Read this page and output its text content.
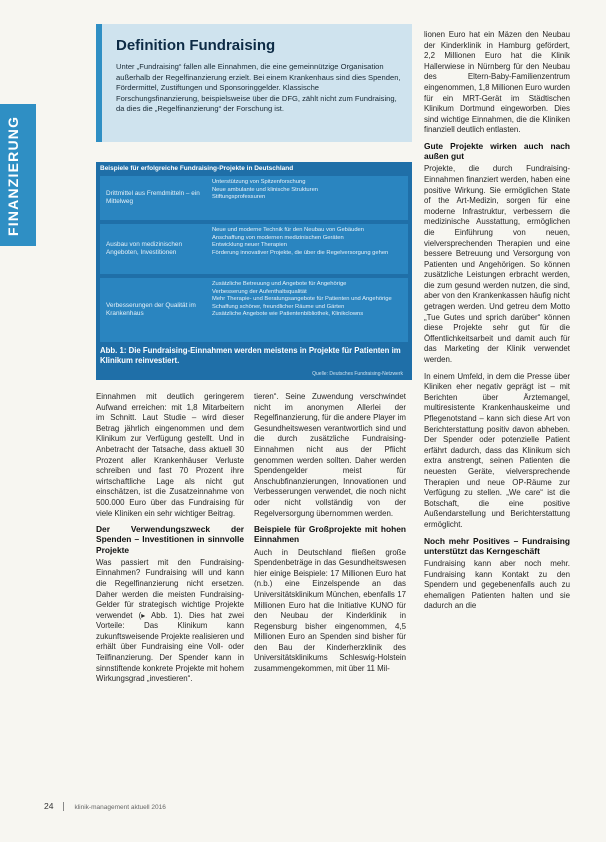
Definition Fundraising
Unter „Fundraising“ fallen alle Einnahmen, die eine gemeinnützige Organisation außerhalb der Regelfinanzierung erzielt. Bei einem Krankenhaus sind dies Spenden, Fördermittel, Zustiftungen und Sponsoringgelder. Klassische Forschungsfinanzierung, beispielsweise über die DFG, zählt nicht zum Fundraising, da dies die „Regelfinanzierung“ der Forschung ist.
Beispiele für erfolgreiche Fundraising-Projekte in Deutschland
Drittmittel aus Fremdmitteln – ein Mittelweg
Unterstützung von Spitzenforschung
Neue ambulante und klinische Strukturen
Stiftungsprofessuren
Ausbau von medizinischen Angeboten, Investitionen
Neue und moderne Technik für den Neubau von Gebäuden
Anschaffung von modernen medizinischen Geräten
Entwicklung neuer Therapien
Förderung innovativer Projekte, die über die Regelversorgung gehen
Verbesserungen der Qualität im Krankenhaus
Zusätzliche Betreuung und Angebote für Angehörige
Verbesserung der Aufenthaltsqualität
Mehr Therapie- und Beratungsangebote für Patienten und Angehörige
Schaffung schöner, freundlicher Räume und Gärten
Zusätzliche Angebote wie Patientenbibliothek, Klinikclowns
Abb. 1: Die Fundraising-Einnahmen werden meistens in Projekte für Patienten im Klinikum reinvestiert.
Quelle: Deutsches Fundraising-Netzwerk

Einnahmen mit deutlich geringerem Aufwand erreichen: mit 1,8 Mitarbeitern im Schnitt. Laut Studie – wird dieser Betrag jährlich eingenommen und dem Klinikum zur Verfügung gestellt. Und in Anbetracht der Tatsache, dass aktuell 30 Prozent aller Krankenhäuser Verluste schreiben und fast 70 Prozent ihre wirtschaftliche Lage als nicht gut einschätzen, ist die Zusatzeinnahme von 500.000 Euro über das Fundraising für viele Kliniken ein sehr wichtiger Beitrag.

Der Verwendungszweck der Spenden – Investitionen in sinnvolle Projekte

Was passiert mit den Fundraising-Einnahmen? Fundraising will und kann die Regelfinanzierung nicht ersetzen. Daher werden die meisten Fundraising-Gelder für strategisch wichtige Projekte verwendet (▸ Abb. 1). Dies hat zwei Vorteile: Das Klinikum kann zukunftsweisende Projekte realisieren und erhält über Fundraising eine Voll- oder Teilfinanzierung. Der Spender kann in sinnstiftende konkrete Projekte mit hohem Wirkungsgrad „investieren“.

tieren“. Seine Zuwendung verschwindet nicht im anonymen Allerlei der Regelfinanzierung, für die andere Player im Gesundheitswesen verantwortlich sind und die durch zusätzliche Fundraising-Einnahmen nicht aus der Pflicht genommen werden sollten. Daher werden Spendengelder meist für Anschubfinanzierungen, Innovationen und Verbesserungen verwendet, die noch nicht oder nicht vollständig von der Regelversorgung übernommen werden.

Beispiele für Großprojekte mit hohen Einnahmen

Auch in Deutschland fließen große Spendenbeträge in das Gesundheitswesen hier einige Beispiele: 17 Millionen Euro hat (n.b.) eine Einzelspende an das Universitätsklinikum München, ebenfalls 17 Millionen Euro hat die Initiative KUNO für den Neubau der Kinderklinik in Regensburg bisher eingenommen, 4,5 Millionen Euro an Spenden sind bisher für den Bau der Kinderherzklinik des Universitätsklinikums Schleswig-Holstein zusammengekommen, mit über 11 Mil-

lionen Euro hat ein Mäzen den Neubau der Kinderklinik in Hamburg gefördert, 2,2 Millionen Euro hat die Klinik Hallerwiese in Nürnberg für den Neubau des Eltern-Baby-Familienzentrum eingenommen, 1,8 Millionen Euro wurden für ein MRT-Gerät im Städtischen Klinikum Dortmund eingeworben. Dies sind wichtige Einnahmen, die die Kliniken finanziell deutlich entlasten.

Gute Projekte wirken auch nach außen gut

Projekte, die durch Fundraising-Einnahmen finanziert werden, haben eine positive Wirkung. Sie ermöglichen State of the Art-Medizin, sorgen für eine moderne Infrastruktur, verbessern die medizinische Ausstattung, ermöglichen die Einführung von neuen, vielversprechenden Therapien und eine bessere Betreuung und Versorgung von Patienten und Angehörigen. So können zusätzliche Leistungen erbracht werden, die zum gesund werden nutzen, die sind, aber von den Krankenkassen häufig nicht getragen werden. Und getreu dem Motto „Tue Gutes und sprich darüber“ können diese Projekte sehr gut für die Öffentlichkeitsarbeit und damit auch für das Marketing der Klinik verwendet werden.

In einem Umfeld, in dem die Presse über Kliniken eher negativ geprägt ist – mit Berichten über Ärztemangel, multiresistente Krankenhauskeime und Pflegenotstand – kann sich diese Art von Berichterstattung positiv davon abheben. Der Spender oder potenzielle Patient erfährt dadurch, dass das Klinikum sich extra anstrengt, seinen Patienten die neuesten Geräte, vielversprechende Therapien und neue OP-Räume zur Verfügung zu stellen. „We care“ ist die Botschaft, die eine positive Außendarstellung und Berichterstattung ermöglicht.

Noch mehr Positives – Fundraising unterstützt das Kerngeschäft

Fundraising kann aber noch mehr. Fundraising kann Kontakt zu den Spendern und gegebenenfalls auch zu ehemaligen Patienten halten und sie dadurch an die

24	klinik-management aktuell 2016
